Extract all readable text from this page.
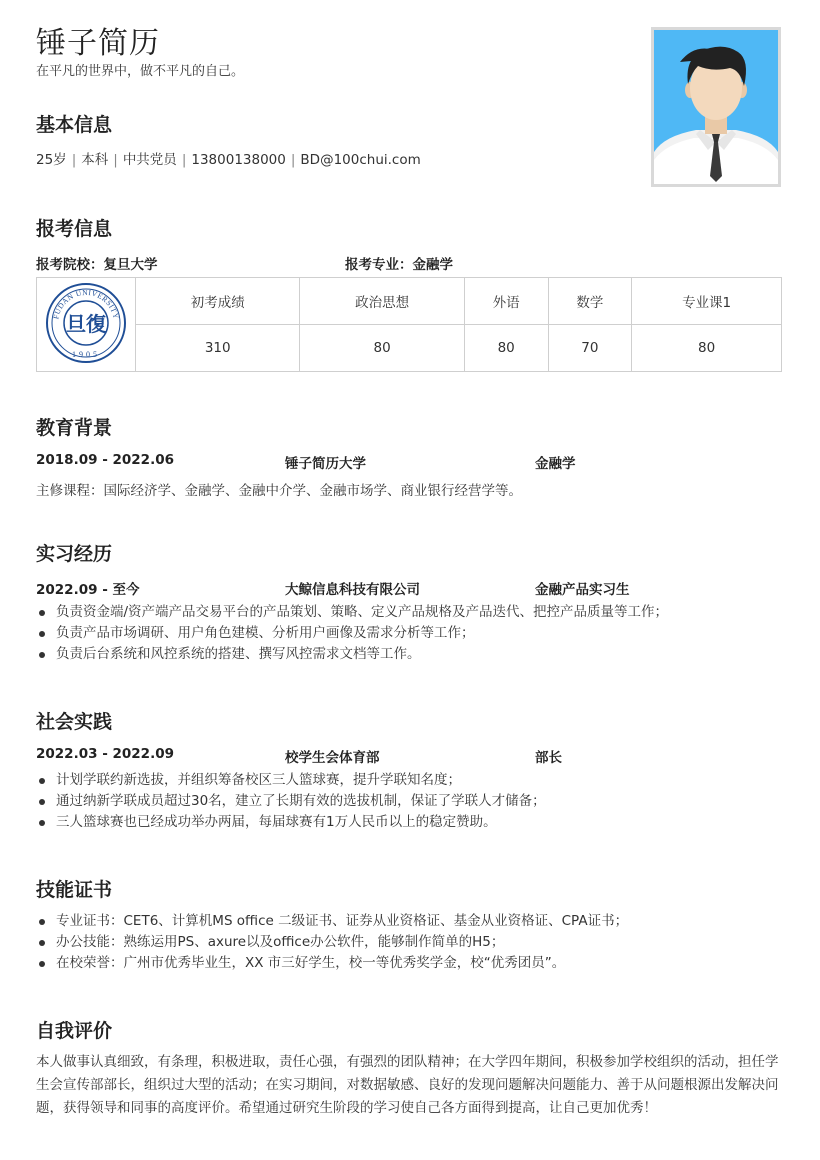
锤子简历
在平凡的世界中，做不平凡的自己。
基本信息
25岁 | 本科 | 中共党员 | 13800138000 | BD@100chui.com
报考信息
报考院校：复旦大学	报考专业：金融学
FUDAN UNIVERSITY
旦復
1905	初考成绩	政治思想	外语	数学	专业课1
	310	80	80	70	80
教育背景
2018.09 - 2022.06	锤子简历大学	金融学
主修课程：国际经济学、金融学、金融中介学、金融市场学、商业银行经营学等。
实习经历
2022.09 - 至今	大鲸信息科技有限公司	金融产品实习生
负责资金端/资产端产品交易平台的产品策划、策略、定义产品规格及产品迭代、把控产品质量等工作；
负责产品市场调研、用户角色建模、分析用户画像及需求分析等工作；
负责后台系统和风控系统的搭建、撰写风控需求文档等工作。
社会实践
2022.03 - 2022.09	校学生会体育部	部长
计划学联约新选拔，并组织筹备校区三人篮球赛，提升学联知名度；
通过纳新学联成员超过30名，建立了长期有效的选拔机制，保证了学联人才储备；
三人篮球赛也已经成功举办两届，每届球赛有1万人民币以上的稳定赞助。
技能证书
专业证书：CET6、计算机MS office 二级证书、证券从业资格证、基金从业资格证、CPA证书；
办公技能：熟练运用PS、axure以及office办公软件，能够制作简单的H5；
在校荣誉：广州市优秀毕业生，XX 市三好学生，校一等优秀奖学金，校“优秀团员”。
自我评价
本人做事认真细致，有条理，积极进取，责任心强，有强烈的团队精神；在大学四年期间，积极参加学校组织的活动，担任学生会宣传部部长，组织过大型的活动；在实习期间，对数据敏感、良好的发现问题解决问题能力、善于从问题根源出发解决问题，获得领导和同事的高度评价。希望通过研究生阶段的学习使自己各方面得到提高，让自己更加优秀！
